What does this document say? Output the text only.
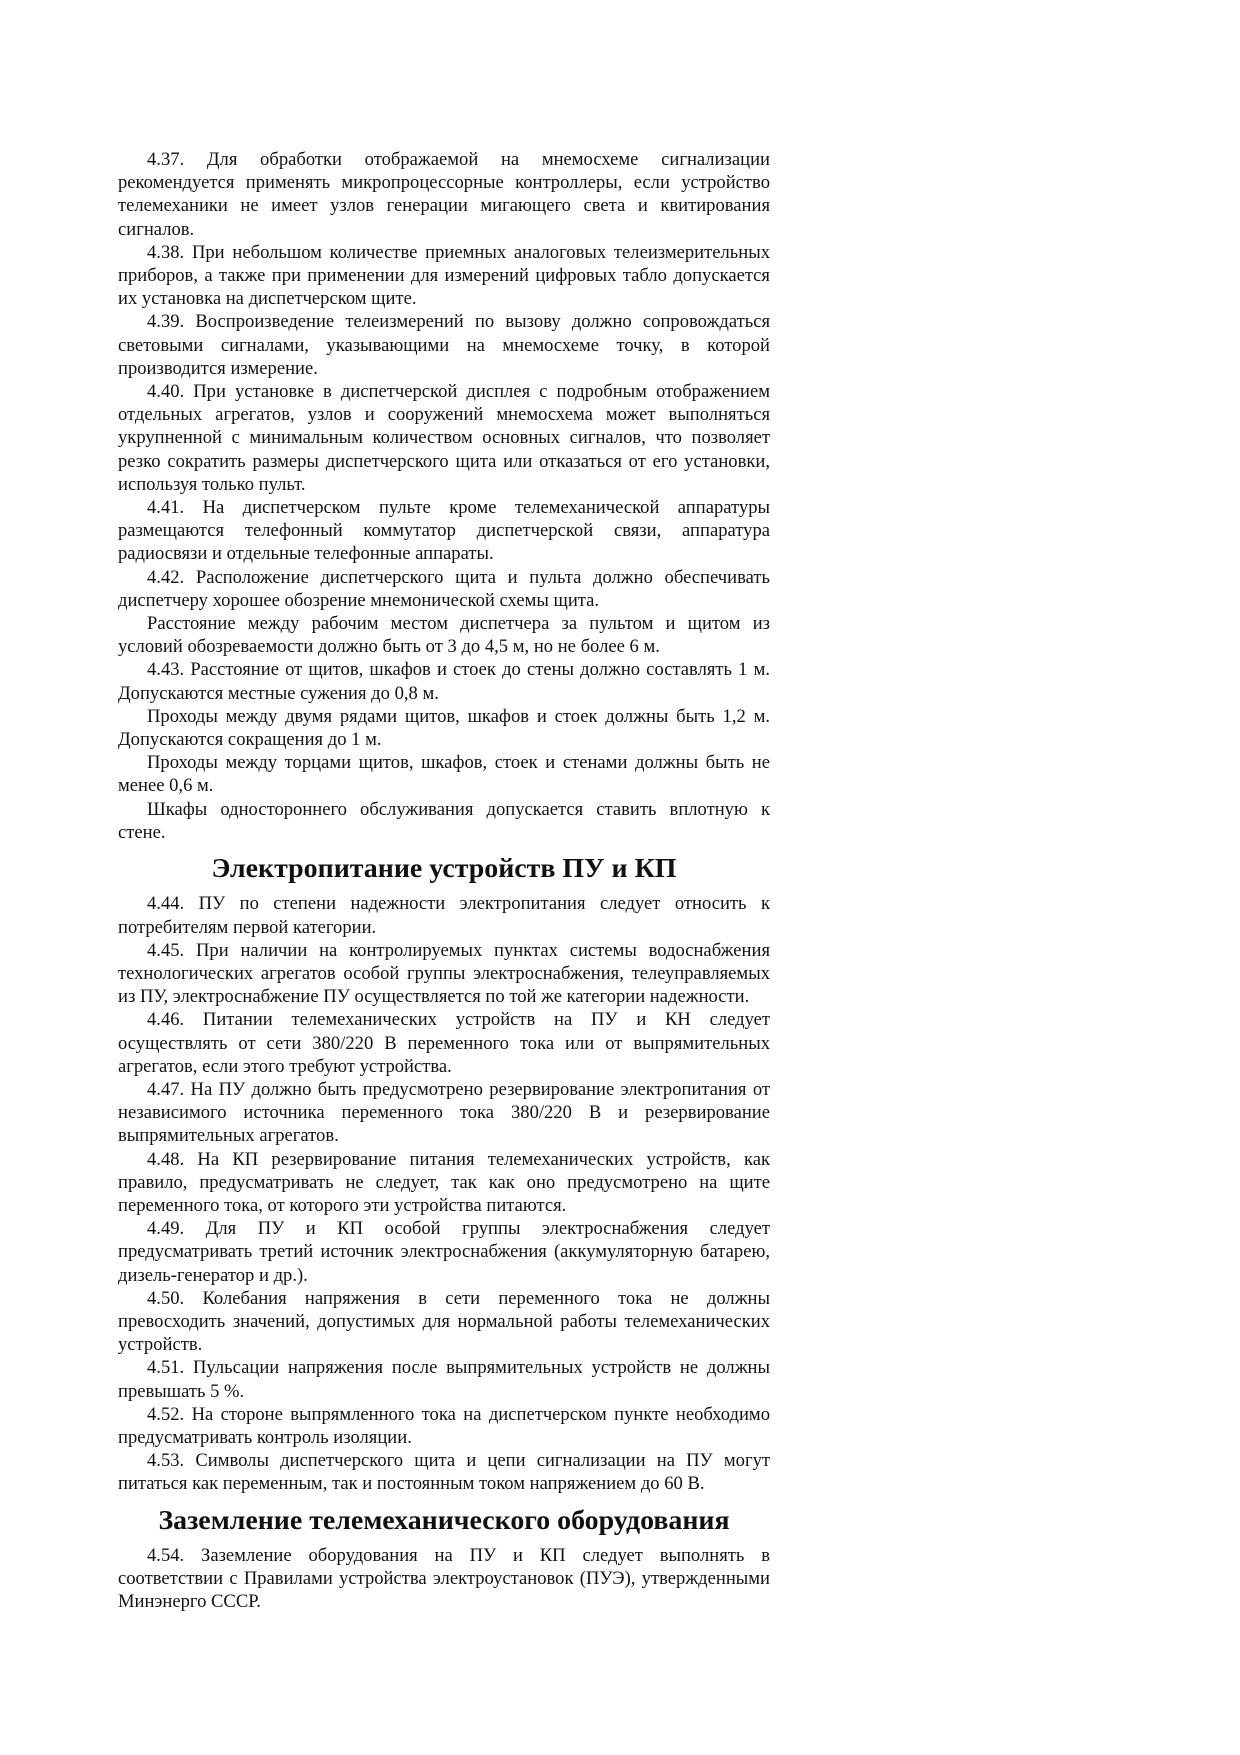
4.37. Для обработки отображаемой на мнемосхеме сигнализации рекомендуется применять микропроцессорные контроллеры, если устройство телемеханики не имеет узлов генерации мигающего света и квитирования сигналов.

4.38. При небольшом количестве приемных аналоговых телеизмерительных приборов, а также при применении для измерений цифровых табло допускается их установка на диспетчерском щите.

4.39. Воспроизведение телеизмерений по вызову должно сопровождаться световыми сигналами, указывающими на мнемосхеме точку, в которой производится измерение.

4.40. При установке в диспетчерской дисплея с подробным отображением отдельных агрегатов, узлов и сооружений мнемосхема может выполняться укрупненной с минимальным количеством основных сигналов, что позволяет резко сократить размеры диспетчерского щита или отказаться от его установки, используя только пульт.

4.41. На диспетчерском пульте кроме телемеханической аппаратуры размещаются телефонный коммутатор диспетчерской связи, аппаратура радиосвязи и отдельные телефонные аппараты.

4.42. Расположение диспетчерского щита и пульта должно обеспечивать диспетчеру хорошее обозрение мнемонической схемы щита.

Расстояние между рабочим местом диспетчера за пультом и щитом из условий обозреваемости должно быть от 3 до 4,5 м, но не более 6 м.

4.43. Расстояние от щитов, шкафов и стоек до стены должно составлять 1 м. Допускаются местные сужения до 0,8 м.

Проходы между двумя рядами щитов, шкафов и стоек должны быть 1,2 м. Допускаются сокращения до 1 м.

Проходы между торцами щитов, шкафов, стоек и стенами должны быть не менее 0,6 м.

Шкафы одностороннего обслуживания допускается ставить вплотную к стене.

Электропитание устройств ПУ и КП

4.44. ПУ по степени надежности электропитания следует относить к потребителям первой категории.

4.45. При наличии на контролируемых пунктах системы водоснабжения технологических агрегатов особой группы электроснабжения, телеуправляемых из ПУ, электроснабжение ПУ осуществляется по той же категории надежности.

4.46. Питании телемеханических устройств на ПУ и КН следует осуществлять от сети 380/220 В переменного тока или от выпрямительных агрегатов, если этого требуют устройства.

4.47. На ПУ должно быть предусмотрено резервирование электропитания от независимого источника переменного тока 380/220 В и резервирование выпрямительных агрегатов.

4.48. На КП резервирование питания телемеханических устройств, как правило, предусматривать не следует, так как оно предусмотрено на щите переменного тока, от которого эти устройства питаются.

4.49. Для ПУ и КП особой группы электроснабжения следует предусматривать третий источник электроснабжения (аккумуляторную батарею, дизель-генератор и др.).

4.50. Колебания напряжения в сети переменного тока не должны превосходить значений, допустимых для нормальной работы телемеханических устройств.

4.51. Пульсации напряжения после выпрямительных устройств не должны превышать 5 %.

4.52. На стороне выпрямленного тока на диспетчерском пункте необходимо предусматривать контроль изоляции.

4.53. Символы диспетчерского щита и цепи сигнализации на ПУ могут питаться как переменным, так и постоянным током напряжением до 60 В.

Заземление телемеханического оборудования

4.54. Заземление оборудования на ПУ и КП следует выполнять в соответствии с Правилами устройства электроустановок (ПУЭ), утвержденными Минэнерго СССР.
